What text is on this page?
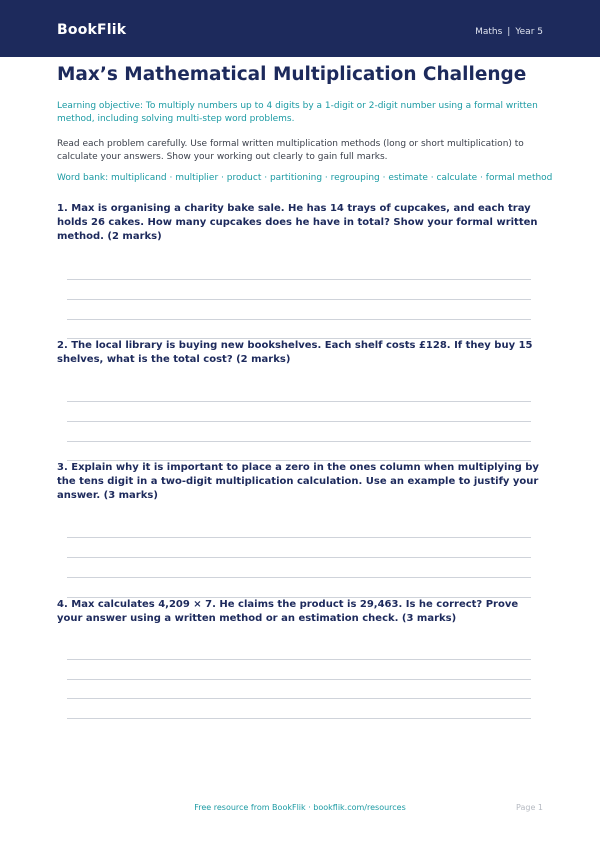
BookFlik	Maths | Year 5
Max’s Mathematical Multiplication Challenge
Learning objective: To multiply numbers up to 4 digits by a 1-digit or 2-digit number using a formal written method, including solving multi-step word problems.
Read each problem carefully. Use formal written multiplication methods (long or short multiplication) to calculate your answers. Show your working out clearly to gain full marks.
Word bank: multiplicand · multiplier · product · partitioning · regrouping · estimate · calculate · formal method
1. Max is organising a charity bake sale. He has 14 trays of cupcakes, and each tray holds 26 cakes. How many cupcakes does he have in total? Show your formal written method. (2 marks)
2. The local library is buying new bookshelves. Each shelf costs £128. If they buy 15 shelves, what is the total cost? (2 marks)
3. Explain why it is important to place a zero in the ones column when multiplying by the tens digit in a two-digit multiplication calculation. Use an example to justify your answer. (3 marks)
4. Max calculates 4,209 × 7. He claims the product is 29,463. Is he correct? Prove your answer using a written method or an estimation check. (3 marks)
Free resource from BookFlik · bookflik.com/resources	Page 1
